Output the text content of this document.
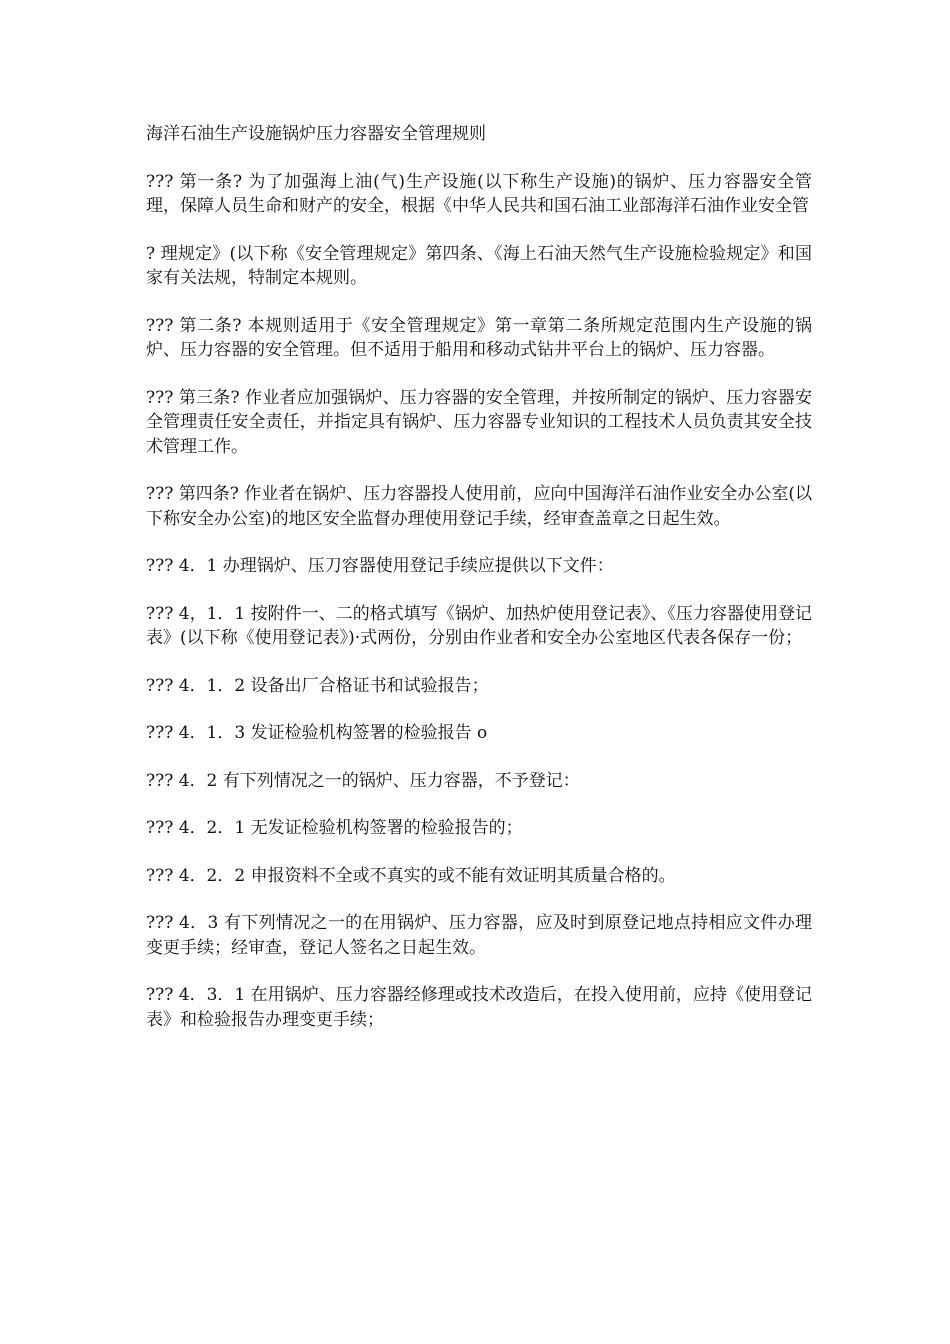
海洋石油生产设施锅炉压力容器安全管理规则

??? 第一条? 为了加强海上油(气)生产设施(以下称生产设施)的锅炉、压力容器安全管理，保障人员生命和财产的安全，根据《中华人民共和国石油工业部海洋石油作业安全管

? 理规定》(以下称《安全管理规定》第四条、《海上石油天然气生产设施检验规定》和国家有关法规，特制定本规则。

??? 第二条? 本规则适用于《安全管理规定》第一章第二条所规定范围内生产设施的锅炉、压力容器的安全管理。但不适用于船用和移动式钻井平台上的锅炉、压力容器。

??? 第三条? 作业者应加强锅炉、压力容器的安全管理，并按所制定的锅炉、压力容器安全管理责任安全责任，并指定具有锅炉、压力容器专业知识的工程技术人员负责其安全技术管理工作。

??? 第四条? 作业者在锅炉、压力容器投人使用前，应向中国海洋石油作业安全办公室(以下称安全办公室)的地区安全监督办理使用登记手续，经审查盖章之日起生效。

??? 4．1 办理锅炉、压刀容器使用登记手续应提供以下文件：

??? 4，1．1 按附件一、二的格式填写《锅炉、加热炉使用登记表》、《压力容器使用登记表》(以下称《使用登记表》)·式两份，分别由作业者和安全办公室地区代表各保存一份；

??? 4．1．2 设备出厂合格证书和试验报告；

??? 4．1．3 发证检验机构签署的检验报告 o

??? 4．2 有下列情况之一的锅炉、压力容器，不予登记：

??? 4．2．1 无发证检验机构签署的检验报告的；

??? 4．2．2 申报资料不全或不真实的或不能有效证明其质量合格的。

??? 4．3 有下列情况之一的在用锅炉、压力容器，应及时到原登记地点持相应文件办理变更手续；经审查，登记人签名之日起生效。

??? 4．3．1 在用锅炉、压力容器经修理或技术改造后，在投入使用前，应持《使用登记表》和检验报告办理变更手续；
